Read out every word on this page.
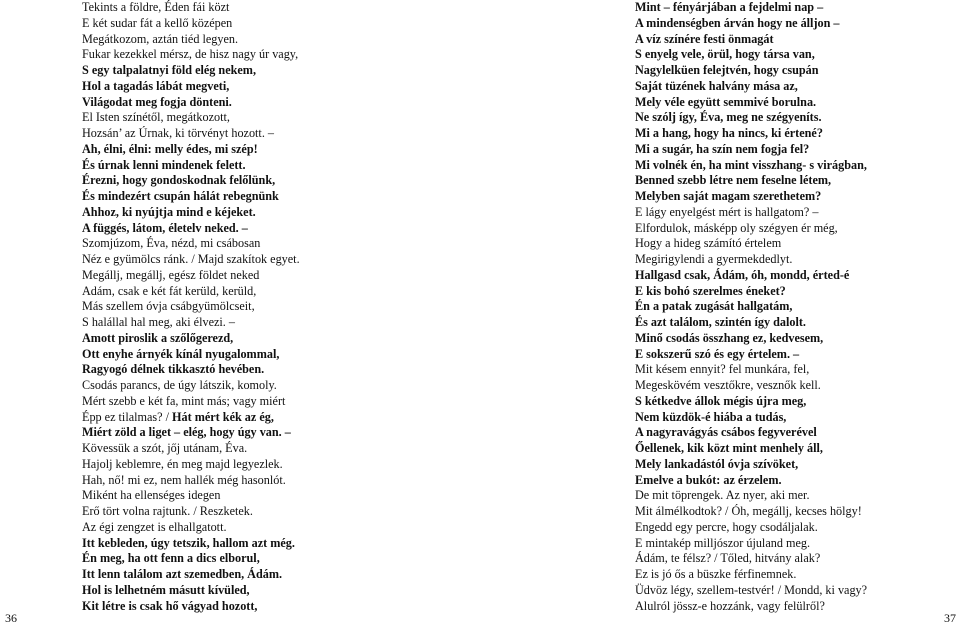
Tekints a földre, Éden fái közt
E két sudar fát a kellő középen
Megátkozom, aztán tiéd legyen.
Fukar kezekkel mérsz, de hisz nagy úr vagy,
S egy talpalatnyi föld elég nekem,
Hol a tagadás lábát megveti,
Világodat meg fogja dönteni.
El Isten színétől, megátkozott,
Hozsán’ az Úrnak, ki törvényt hozott. –
Ah, élni, élni: melly édes, mi szép!
És úrnak lenni mindenek felett.
Érezni, hogy gondoskodnak felőlünk,
És mindezért csupán hálát rebegnünk
Ahhoz, ki nyújtja mind e kéjeket.
A függés, látom, életelv neked. –
Szomjúzom, Éva, nézd, mi csábosan
Néz e gyümölcs ránk. / Majd szakítok egyet.
Megállj, megállj, egész földet neked
Adám, csak e két fát kerüld, kerüld,
Más szellem óvja csábgyümölcseit,
S halállal hal meg, aki élvezi. –
Amott piroslik a szőlőgerezd,
Ott enyhe árnyék kínál nyugalommal,
Ragyogó délnek tikkasztó hevében.
Csodás parancs, de úgy látszik, komoly.
Mért szebb e két fa, mint más; vagy miért
Épp ez tilalmas? / Hát mért kék az ég,
Miért zöld a liget – elég, hogy úgy van. –
Kövessük a szót, jőj utánam, Éva.
Hajolj keblemre, én meg majd legyezlek.
Hah, nő! mi ez, nem hallék még hasonlót.
Miként ha ellenséges idegen
Erő tört volna rajtunk. / Reszketek.
Az égi zengzet is elhallgatott.
Itt kebleden, úgy tetszik, hallom azt még.
Én meg, ha ott fenn a dics elborul,
Itt lenn találom azt szemedben, Ádám.
Hol is lelhetném másutt kívüled,
Kit létre is csak hő vágyad hozott,
36
Mint – fényárjában a fejdelmi nap –
A mindenségben árván hogy ne álljon –
A víz színére festi önmagát
S enyelg vele, örül, hogy társa van,
Nagylelküen felejtvén, hogy csupán
Saját tüzének halvány mása az,
Mely véle együtt semmivé borulna.
Ne szólj így, Éva, meg ne szégyeníts.
Mi a hang, hogy ha nincs, ki értené?
Mi a sugár, ha szín nem fogja fel?
Mi volnék én, ha mint visszhang- s virágban,
Benned szebb létre nem feselne létem,
Melyben saját magam szerethetem?
E lágy enyelgést mért is hallgatom? –
Elfordulok, másképp oly szégyen ér még,
Hogy a hideg számító értelem
Megirigylendi a gyermekdedlyt.
Hallgasd csak, Ádám, óh, mondd, érted-é
E kis bohó szerelmes éneket?
Én a patak zugását hallgatám,
És azt találom, szintén így dalolt.
Minő csodás összhang ez, kedvesem,
E sokszerű szó és egy értelem. –
Mit késem ennyit? fel munkára, fel,
Megeskövém vesztőkre, vesznők kell.
S kétkedve állok mégis újra meg,
Nem küzdök-é hiába a tudás,
A nagyravágyás csábos fegyverével
Őellenek, kik közt mint menhely áll,
Mely lankadástól óvja szívöket,
Emelve a bukót: az érzelem.
De mit töprengek. Az nyer, aki mer.
Mit álmélkodtok? / Óh, megállj, kecses hölgy!
Engedd egy percre, hogy csodáljalak.
E mintakép milljószor újuland meg.
Ádám, te félsz? / Tőled, hitvány alak?
Ez is jó ős a büszke férfinemnek.
Üdvöz légy, szellem-testvér! / Mondd, ki vagy?
Alulról jössz-e hozzánk, vagy felülről?
37
